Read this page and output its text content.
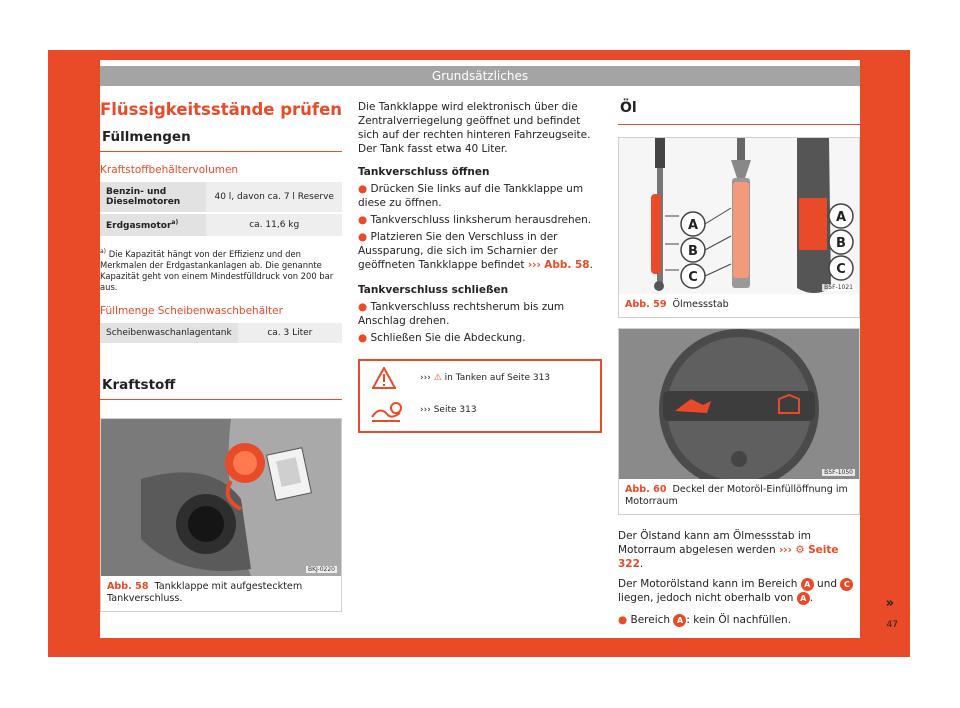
Grundsätzliches
Flüssigkeitsstände prüfen
Füllmengen
Kraftstoffbehältervolumen
Benzin- und Dieselmotoren	40 l, davon ca. 7 l Reserve
Erdgasmotor$^{a)}$	ca. 11,6 kg
$^{a)}$ Die Kapazität hängt von der Effizienz und den Merkmalen der Erdgastankanlagen ab. Die genannte Kapazität geht von einem Mindestfülldruck von 200 bar aus.
Füllmenge Scheibenwaschbehälter
Scheibenwaschanlagentank	ca. 3 Liter
Kraftstoff
BKJ-0220
Abb. 58 Tankklappe mit aufgestecktem Tankverschluss.
Die Tankklappe wird elektronisch über die Zentralverriegelung geöffnet und befindet sich auf der rechten hinteren Fahrzeugseite. Der Tank fasst etwa 40 Liter.
Tankverschluss öffnen
● Drücken Sie links auf die Tankklappe um diese zu öffnen.
● Tankverschluss linksherum herausdrehen.
● Platzieren Sie den Verschluss in der Aussparung, die sich im Scharnier der geöffneten Tankklappe befindet ››› Abb. 58.
Tankverschluss schließen
● Tankverschluss rechtsherum bis zum Anschlag drehen.
● Schließen Sie die Abdeckung.
››› ⚠ in Tanken auf Seite 313
››› Seite 313
Öl
A
B
C
A
B
C
B5F-1021
Abb. 59 Ölmessstab
B5F-1050
Abb. 60 Deckel der Motoröl-Einfüllöffnung im Motorraum
Der Ölstand kann am Ölmessstab im Motorraum abgelesen werden ››› ⚙ Seite 322.
Der Motorölstand kann im Bereich A und C liegen, jedoch nicht oberhalb von A .
● Bereich A : kein Öl nachfüllen.
»
47
